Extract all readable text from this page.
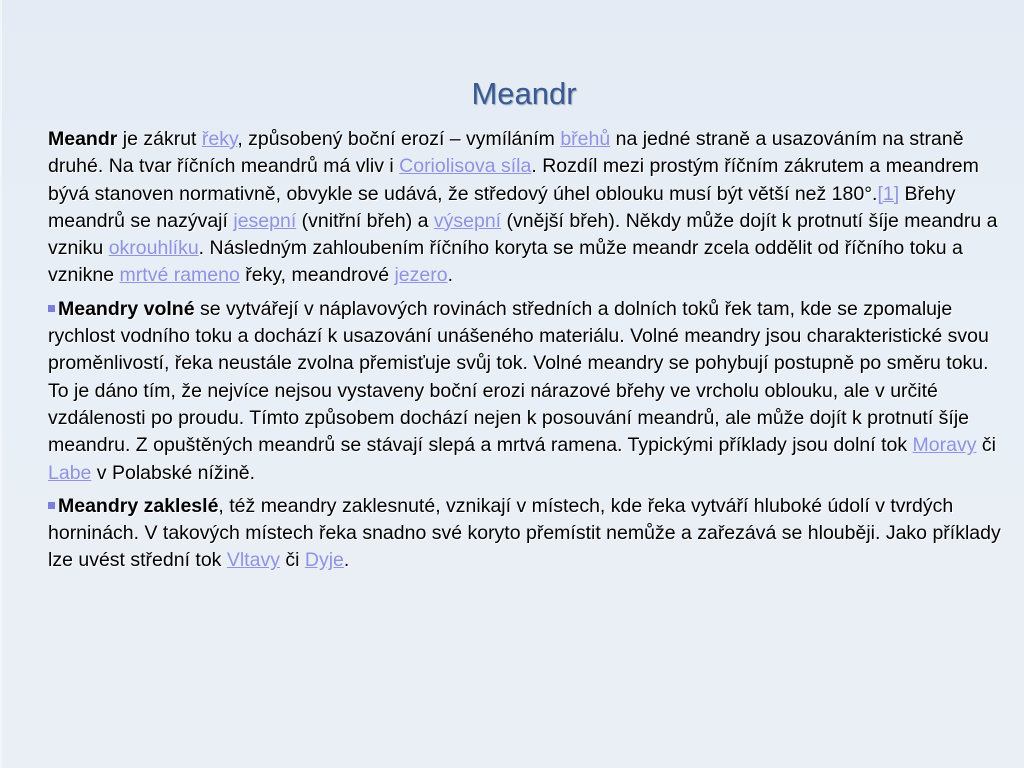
Meandr

Meandr je zákrut řeky, způsobený boční erozí – vymíláním břehů na jedné straně a usazováním na straně druhé. Na tvar říčních meandrů má vliv i Coriolisova síla. Rozdíl mezi prostým říčním zákrutem a meandrem bývá stanoven normativně, obvykle se udává, že středový úhel oblouku musí být větší než 180°.[1] Břehy meandrů se nazývají jesepní (vnitřní břeh) a výsepní (vnější břeh). Někdy může dojít k protnutí šíje meandru a vzniku okrouhlíku. Následným zahloubením říčního koryta se může meandr zcela oddělit od říčního toku a vznikne mrtvé rameno řeky, meandrové jezero.

Meandry volné se vytvářejí v náplavových rovinách středních a dolních toků řek tam, kde se zpomaluje rychlost vodního toku a dochází k usazování unášeného materiálu. Volné meandry jsou charakteristické svou proměnlivostí, řeka neustále zvolna přemisťuje svůj tok. Volné meandry se pohybují postupně po směru toku. To je dáno tím, že nejvíce nejsou vystaveny boční erozi nárazové břehy ve vrcholu oblouku, ale v určité vzdálenosti po proudu. Tímto způsobem dochází nejen k posouvání meandrů, ale může dojít k protnutí šíje meandru. Z opuštěných meandrů se stávají slepá a mrtvá ramena. Typickými příklady jsou dolní tok Moravy či Labe v Polabské nížině.

Meandry zakleslé, též meandry zaklesnuté, vznikají v místech, kde řeka vytváří hluboké údolí v tvrdých horninách. V takových místech řeka snadno své koryto přemístit nemůže a zařezává se hlouběji. Jako příklady lze uvést střední tok Vltavy či Dyje.
